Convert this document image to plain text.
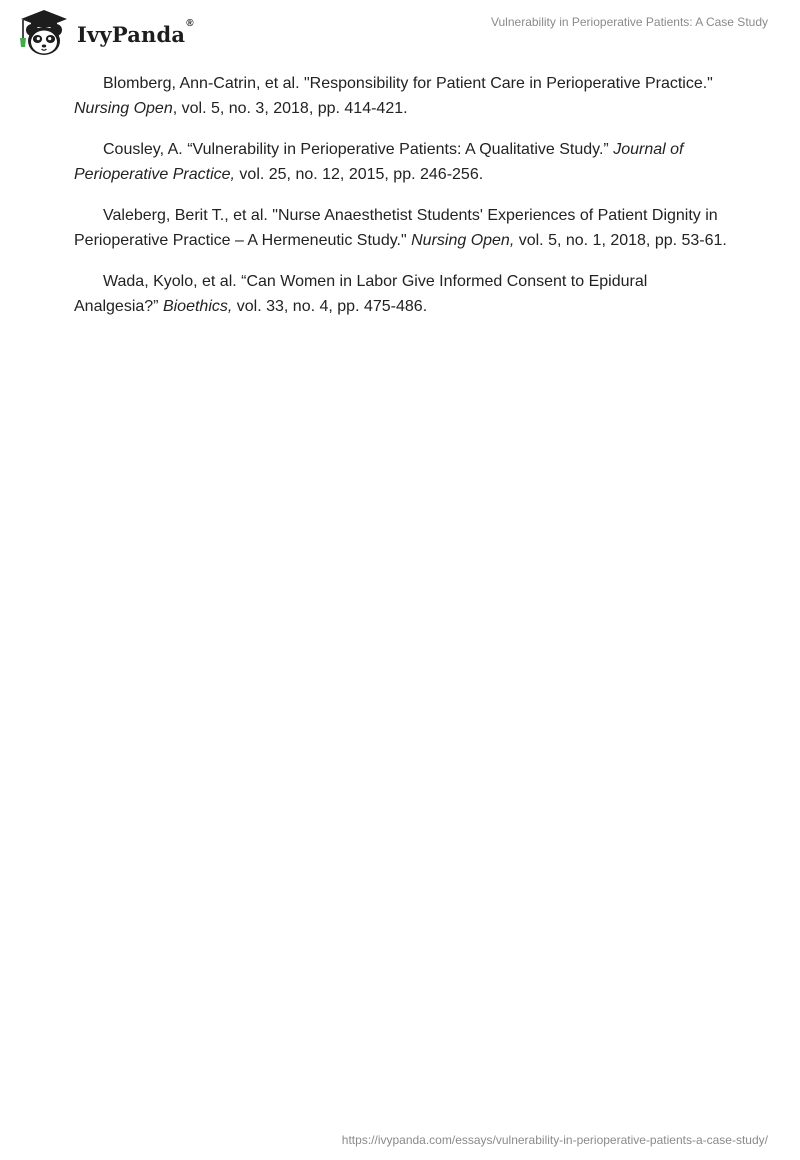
IvyPanda®	Vulnerability in Perioperative Patients: A Case Study

Blomberg, Ann-Catrin, et al. "Responsibility for Patient Care in Perioperative Practice." Nursing Open, vol. 5, no. 3, 2018, pp. 414-421.

Cousley, A. “Vulnerability in Perioperative Patients: A Qualitative Study.” Journal of Perioperative Practice, vol. 25, no. 12, 2015, pp. 246-256.

Valeberg, Berit T., et al. "Nurse Anaesthetist Students' Experiences of Patient Dignity in Perioperative Practice – A Hermeneutic Study." Nursing Open, vol. 5, no. 1, 2018, pp. 53-61.

Wada, Kyolo, et al. “Can Women in Labor Give Informed Consent to Epidural Analgesia?” Bioethics, vol. 33, no. 4, pp. 475-486.

https://ivypanda.com/essays/vulnerability-in-perioperative-patients-a-case-study/
